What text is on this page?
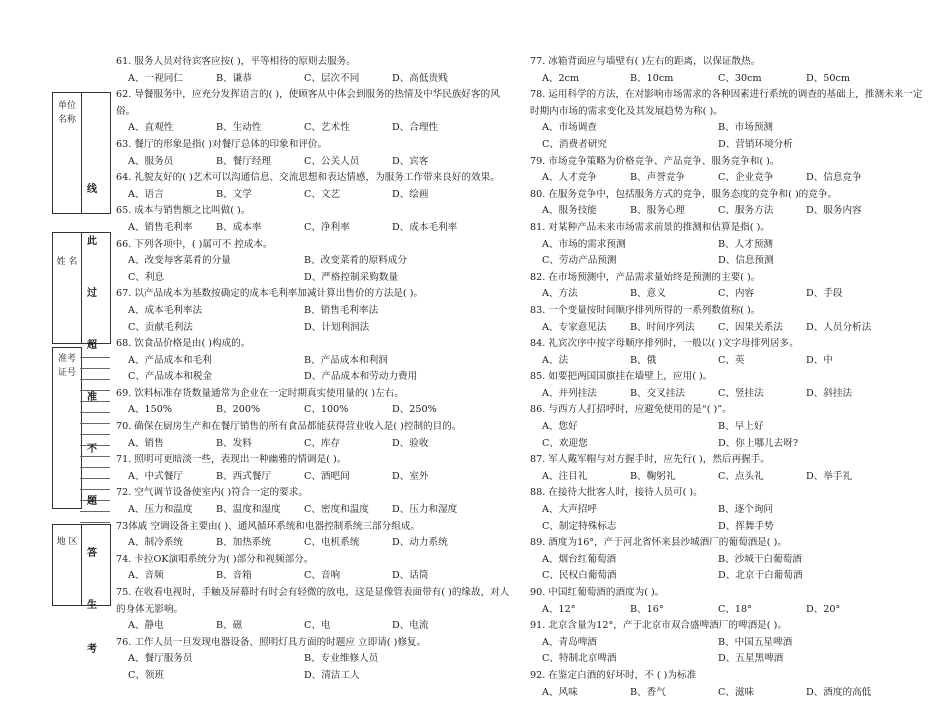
单位名称
姓 名
准考证号
地 区
线
此
过
超
准
不
题
答
生
考
61. 服务人员对待宾客应按( )，平等相待的原则去服务。
A、一视同仁	B、谦恭	C、层次不同	D、高低贵贱
62. 导餐服务中，应充分发挥语言的( )，使顾客从中体会到服务的热情及中华民族好客的风俗。
A、直观性	B、生动性	C、艺术性	D、合理性
63. 餐厅的形象是指( )对餐厅总体的印象和评价。
A、服务员	B、餐厅经理	C、公关人员	D、宾客
64. 礼貌友好的( )艺术可以沟通信息、交流思想和表达情感，为服务工作带来良好的效果。
A、语言	B、文学	C、文艺	D、绘画
65. 成本与销售额之比叫做( )。
A、销售毛利率	B、成本率	C、净利率	D、成本毛利率
66. 下列各项中，( )属可不 控成本。
A、改变每客菜肴的分量	B、改变菜肴的原料成分
C、利息	D、严格控制采购数量
67. 以产品成本为基数按确定的成本毛利率加减计算出售价的方法是( )。
A、成本毛利率法	B、销售毛利率法
C、贡献毛利法	D、计划利润法
68. 饮食品价格是由( )构成的。
A、产品成本和毛利	B、产品成本和利润
C、产品成本和税金	D、产品成本和劳动力费用
69. 饮料标准存货数量通常为企业在一定时期真实使用量的( )左右。
A、150%	B、200%	C、100%	D、250%
70. 确保在厨房生产和在餐厅销售的所有食品都能获得营业收入是( )控制的目的。
A、销售	B、发料	C、库存	D、验收
71. 照明可更暗淡一些，表现出一种幽雅的情调是( )。
A、中式餐厅	B、西式餐厅	C、酒吧间	D、室外
72. 空气调节设备使室内( )符合一定的要求。
A、压力和温度	B、温度和湿度	C、密度和温度	D、压力和湿度
73体戚 空调设备主要由( )、通风循环系统和电器控制系统三部分组成。
A、制冷系统	B、加热系统	C、电机系统	D、动力系统
74. 卡拉OK演唱系统分为( )部分和视频部分。
A、音频	B、音箱	C、音响	D、话筒
75. 在收看电视时，手触及屏幕时有时会有轻微的放电，这是显像管表面带有( )的缘故，对人的身体无影响。
A、静电	B、磁	C、电	D、电流
76. 工作人员一旦发现电器设备、照明灯具方面的时题应 立即请( )修复。
A、餐厅服务员	B、专业维修人员
C、领班	D、清洁工人
77. 冰箱背面应与墙壁有( )左右的距离，以保证散热。
A、2cm	B、10cm	C、30cm	D、50cm
78. 运用科学的方法，在对影响市场需求的各种因素进行系统的调查的基础上，推测未来一定时期内市场的需求变化及其发展趋势为称( )。
A、市场调查	B、市场预测
C、消费者研究	D、营销环境分析
79. 市场竞争策略为价格竞争、产品竞争、服务竞争和( )。
A、人才竞争	B、声誉竞争	C、企业竞争	D、信息竞争
80. 在服务竞争中，包括服务方式的竞争，服务态度的竞争和( )的竞争。
A、服务技能	B、服务心理	C、服务方法	D、服务内容
81. 对某种产品未来市场需求前景的推测和估算是指( )。
A、市场的需求预测	B、人才预测
C、劳动产品预测	D、信息预测
82. 在市场预测中，产品需求量始终是预测的主要( )。
A、方法	B、意义	C、内容	D、手段
83. 一个变量按时间顺序排列所得的一系列数值称( )。
A、专家意见法	B、时间序列法	C、因果关系法	D、人员分析法
84. 礼宾次序中按字母顺序排列时，一般以( )文字母排列居多。
A、法	B、俄	C、英	D、中
85. 如要把两国国旗挂在墙壁上，应用( )。
A、并列挂法	B、交叉挂法	C、竖挂法	D、斜挂法
86. 与西方人打招呼时，应避免使用的是“( )”。
A、您好	B、早上好
C、欢迎您	D、你上哪儿去呀?
87. 军人戴军帽与对方握手时，应先行( )，然后再握手。
A、注目礼	B、鞠躬礼	C、点头礼	D、举手礼
88. 在接待大批客人时，接待人员可( )。
A、大声招呼	B、逐个询问
C、制定特殊标志	D、挥舞手势
89. 酒度为16°，产于河北省怀来县沙城酒厂的葡萄酒是( )。
A、烟台红葡萄酒	B、沙城干白葡萄酒
C、民权白葡萄酒	D、北京干白葡萄酒
90. 中国红葡萄酒的酒度为( )。
A、12°	B、16°	C、18°	D、20°
91. 北京含量为12°，产于北京市双合盛啤酒厂的啤酒是( )。
A、青岛啤酒	B、中国五星啤酒
C、特制北京啤酒	D、五星黑啤酒
92. 在鉴定白酒的好坏时，不 ( )为标准
A、风味	B、香气	C、滋味	D、酒度的高低
